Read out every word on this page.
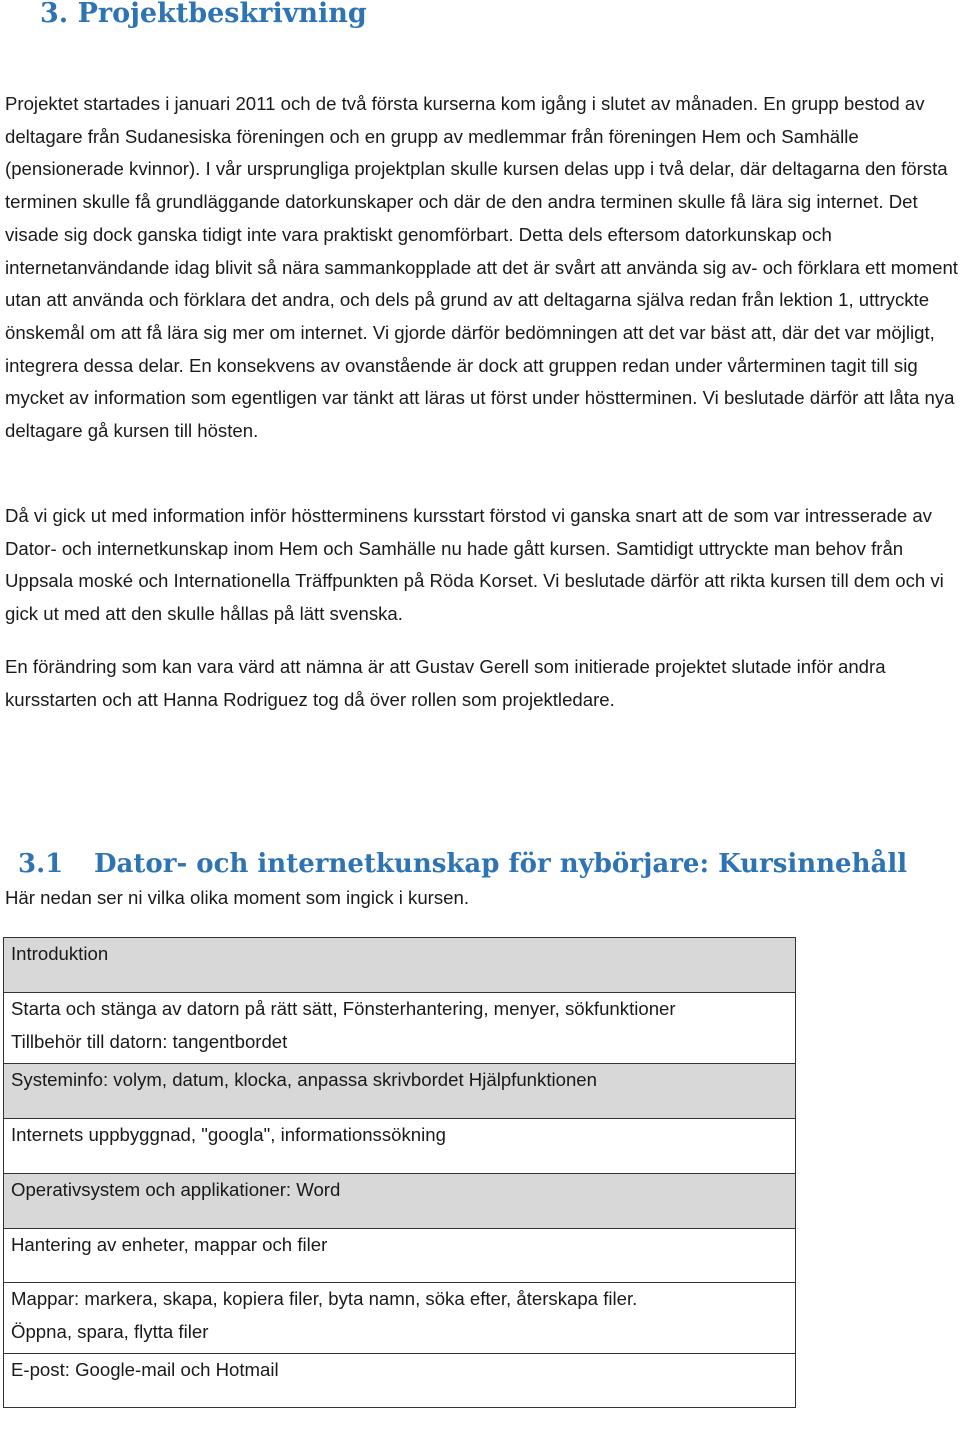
3. Projektbeskrivning

Projektet startades i januari 2011 och de två första kurserna kom igång i slutet av månaden. En grupp bestod av deltagare från Sudanesiska föreningen och en grupp av medlemmar från föreningen Hem och Samhälle (pensionerade kvinnor). I vår ursprungliga projektplan skulle kursen delas upp i två delar, där deltagarna den första terminen skulle få grundläggande datorkunskaper och där de den andra terminen skulle få lära sig internet. Det visade sig dock ganska tidigt inte vara praktiskt genomförbart. Detta dels eftersom datorkunskap och internetanvändande idag blivit så nära sammankopplade att det är svårt att använda sig av- och förklara ett moment utan att använda och förklara det andra, och dels på grund av att deltagarna själva redan från lektion 1, uttryckte önskemål om att få lära sig mer om internet. Vi gjorde därför bedömningen att det var bäst att, där det var möjligt, integrera dessa delar. En konsekvens av ovanstående är dock att gruppen redan under vårterminen tagit till sig mycket av information som egentligen var tänkt att läras ut först under höstterminen. Vi beslutade därför att låta nya deltagare gå kursen till hösten.

Då vi gick ut med information inför höstterminens kursstart förstod vi ganska snart att de som var intresserade av Dator- och internetkunskap inom Hem och Samhälle nu hade gått kursen. Samtidigt uttryckte man behov från Uppsala moské och Internationella Träffpunkten på Röda Korset. Vi beslutade därför att rikta kursen till dem och vi gick ut med att den skulle hållas på lätt svenska.

En förändring som kan vara värd att nämna är att Gustav Gerell som initierade projektet slutade inför andra kursstarten och att Hanna Rodriguez tog då över rollen som projektledare.

3.1 Dator- och internetkunskap för nybörjare: Kursinnehåll

Här nedan ser ni vilka olika moment som ingick i kursen.

Introduktion

Starta och stänga av datorn på rätt sätt, Fönsterhantering, menyer, sökfunktioner
Tillbehör till datorn: tangentbordet

Systeminfo: volym, datum, klocka, anpassa skrivbordet Hjälpfunktionen

Internets uppbyggnad, "googla", informationssökning

Operativsystem och applikationer: Word

Hantering av enheter, mappar och filer

Mappar: markera, skapa, kopiera filer, byta namn, söka efter, återskapa filer.
Öppna, spara, flytta filer

E-post: Google-mail och Hotmail
